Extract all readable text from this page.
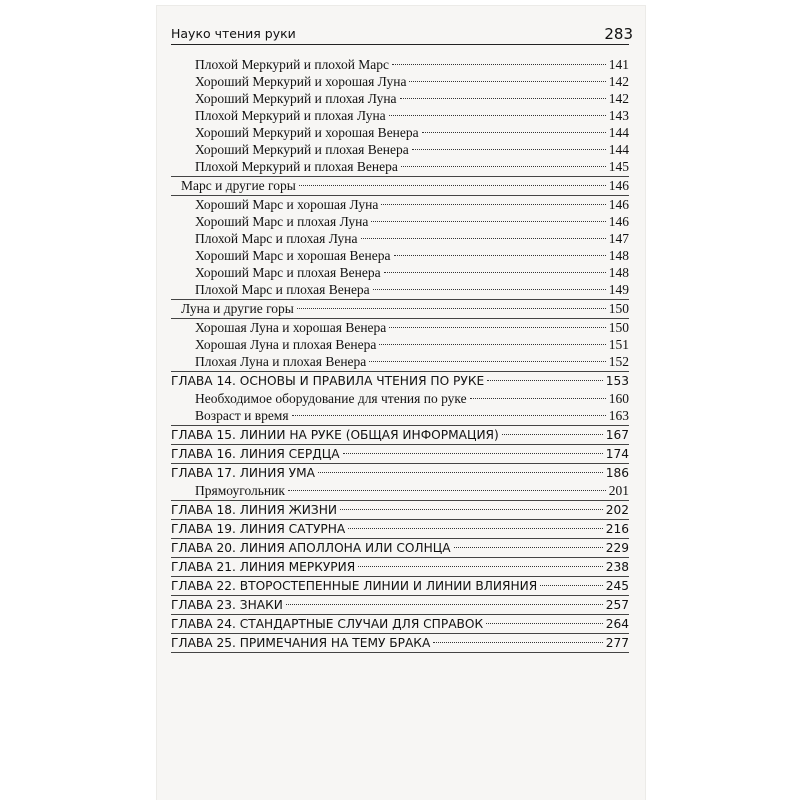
Науко чтения руки	283
Плохой Меркурий и плохой Марс	141
Хороший Меркурий и хорошая Луна	142
Хороший Меркурий и плохая Луна	142
Плохой Меркурий и плохая Луна	143
Хороший Меркурий и хорошая Венера	144
Хороший Меркурий и плохая Венера	144
Плохой Меркурий и плохая Венера	145
Марс и другие горы	146
Хороший Марс и хорошая Луна	146
Хороший Марс и плохая Луна	146
Плохой Марс и плохая Луна	147
Хороший Марс и хорошая Венера	148
Хороший Марс и плохая Венера	148
Плохой Марс и плохая Венера	149
Луна и другие горы	150
Хорошая Луна и хорошая Венера	150
Хорошая Луна и плохая Венера	151
Плохая Луна и плохая Венера	152
ГЛАВА 14. ОСНОВЫ И ПРАВИЛА ЧТЕНИЯ ПО РУКЕ	153
Необходимое оборудование для чтения по руке	160
Возраст и время	163
ГЛАВА 15. ЛИНИИ НА РУКЕ (ОБЩАЯ ИНФОРМАЦИЯ)	167
ГЛАВА 16. ЛИНИЯ СЕРДЦА	174
ГЛАВА 17. ЛИНИЯ УМА	186
Прямоугольник	201
ГЛАВА 18. ЛИНИЯ ЖИЗНИ	202
ГЛАВА 19. ЛИНИЯ САТУРНА	216
ГЛАВА 20. ЛИНИЯ АПОЛЛОНА ИЛИ СОЛНЦА	229
ГЛАВА 21. ЛИНИЯ МЕРКУРИЯ	238
ГЛАВА 22. ВТОРОСТЕПЕННЫЕ ЛИНИИ И ЛИНИИ ВЛИЯНИЯ	245
ГЛАВА 23. ЗНАКИ	257
ГЛАВА 24. СТАНДАРТНЫЕ СЛУЧАИ ДЛЯ СПРАВОК	264
ГЛАВА 25. ПРИМЕЧАНИЯ НА ТЕМУ БРАКА	277
